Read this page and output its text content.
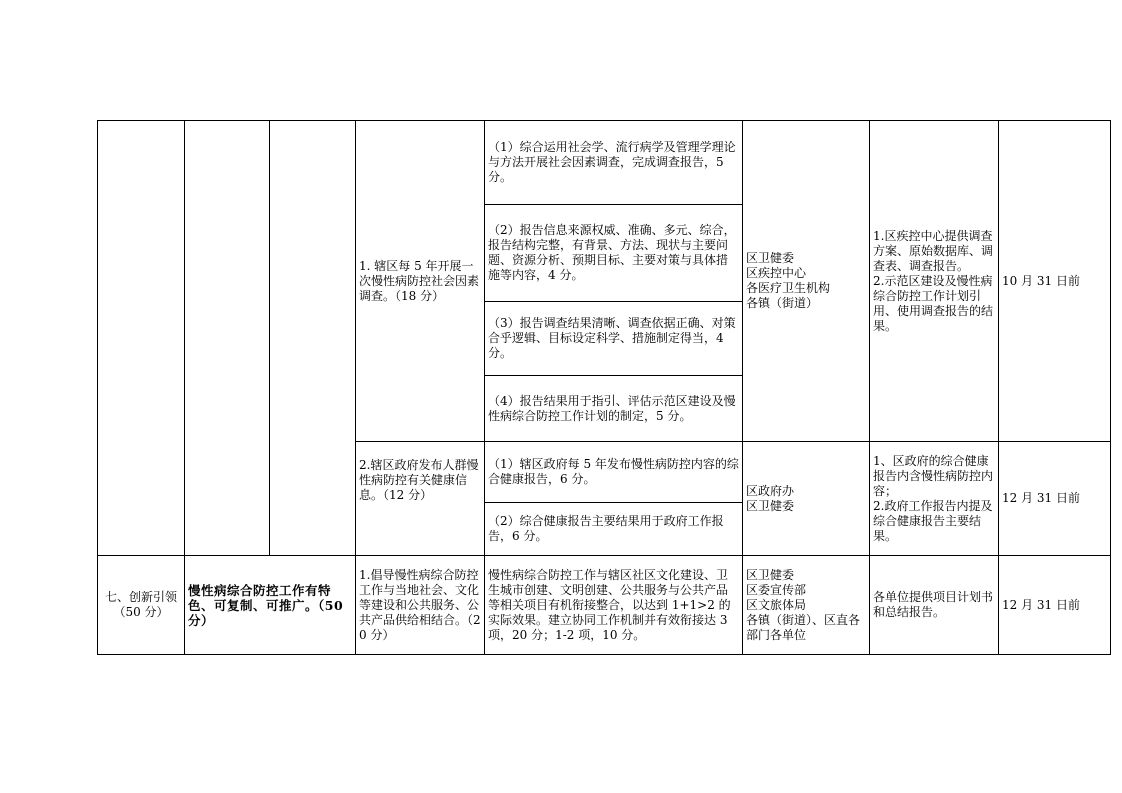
			1. 辖区每 5 年开展一次慢性病防控社会因素调查。（18 分）	（1）综合运用社会学、流行病学及管理学理论与方法开展社会因素调查，完成调查报告，5 分。	区卫健委
区疾控中心
各医疗卫生机构
各镇（街道）	1.区疾控中心提供调查方案、原始数据库、调查表、调查报告。
2.示范区建设及慢性病综合防控工作计划引用、使用调查报告的结果。	10 月 31 日前

				（2）报告信息来源权威、准确、多元、综合，报告结构完整，有背景、方法、现状与主要问题、资源分析、预期目标、主要对策与具体措施等内容，4 分。			

				（3）报告调查结果清晰、调查依据正确、对策合乎逻辑、目标设定科学、措施制定得当，4 分。			

				（4）报告结果用于指引、评估示范区建设及慢性病综合防控工作计划的制定，5 分。			

			2.辖区政府发布人群慢性病防控有关健康信息。（12 分）	（1）辖区政府每 5 年发布慢性病防控内容的综合健康报告，6 分。	区政府办
区卫健委	1、区政府的综合健康报告内含慢性病防控内容；
2.政府工作报告内提及综合健康报告主要结果。	12 月 31 日前

				（2）综合健康报告主要结果用于政府工作报告，6 分。			

七、创新引领（50 分）	慢性病综合防控工作有特色、可复制、可推广。（50 分）		1.倡导慢性病综合防控工作与当地社会、文化等建设和公共服务、公共产品供给相结合。（20 分）	慢性病综合防控工作与辖区社区文化建设、卫生城市创建、文明创建、公共服务与公共产品等相关项目有机衔接整合，以达到 1+1>2 的实际效果。建立协同工作机制并有效衔接达 3 项，20 分；1-2 项，10 分。	区卫健委
区委宣传部
区文旅体局
各镇（街道）、区直各部门各单位	各单位提供项目计划书和总结报告。	12 月 31 日前
